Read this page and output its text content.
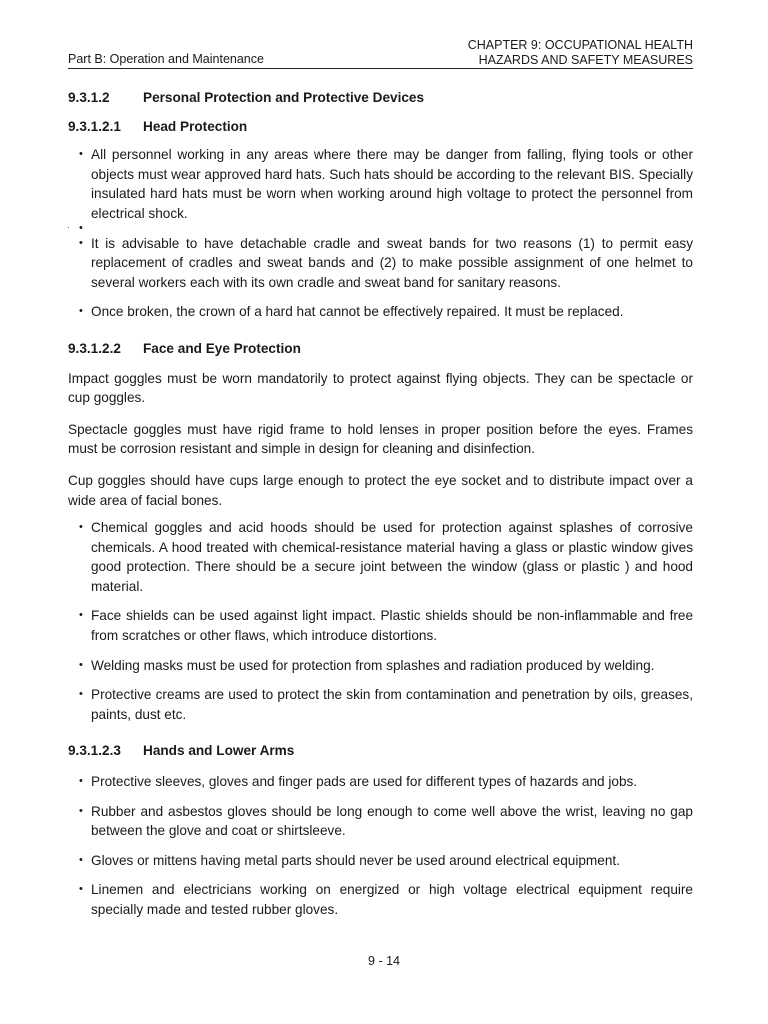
Part B: Operation and Maintenance
CHAPTER 9: OCCUPATIONAL HEALTH
HAZARDS AND SAFETY MEASURES
9.3.1.2	Personal Protection and Protective Devices
9.3.1.2.1	Head Protection
• All personnel working in any areas where there may be danger from falling, flying tools or other objects must wear approved hard hats. Such hats should be according to the relevant BIS. Specially insulated hard hats must be worn when working around high voltage to protect the personnel from electrical shock.
• ·
• It is advisable to have detachable cradle and sweat bands for two reasons (1) to permit easy replacement of cradles and sweat bands and (2) to make possible assignment of one helmet to several workers each with its own cradle and sweat band for sanitary reasons.
• Once broken, the crown of a hard hat cannot be effectively repaired. It must be replaced.
9.3.1.2.2	Face and Eye Protection

Impact goggles must be worn mandatorily to protect against flying objects. They can be spectacle or cup goggles.

Spectacle goggles must have rigid frame to hold lenses in proper position before the eyes. Frames must be corrosion resistant and simple in design for cleaning and disinfection.

Cup goggles should have cups large enough to protect the eye socket and to distribute impact over a wide area of facial bones.

• Chemical goggles and acid hoods should be used for protection against splashes of corrosive chemicals. A hood treated with chemical-resistance material having a glass or plastic window gives good protection. There should be a secure joint between the window (glass or plastic ) and hood material.
• Face shields can be used against light impact. Plastic shields should be non-inflammable and free from scratches or other flaws, which introduce distortions.
• Welding masks must be used for protection from splashes and radiation produced by welding.
• Protective creams are used to protect the skin from contamination and penetration by oils, greases, paints, dust etc.
9.3.1.2.3	Hands and Lower Arms
• Protective sleeves, gloves and finger pads are used for different types of hazards and jobs.
• Rubber and asbestos gloves should be long enough to come well above the wrist, leaving no gap between the glove and coat or shirtsleeve.
• Gloves or mittens having metal parts should never be used around electrical equipment.
• Linemen and electricians working on energized or high voltage electrical equipment require specially made and tested rubber gloves.
9 - 14
